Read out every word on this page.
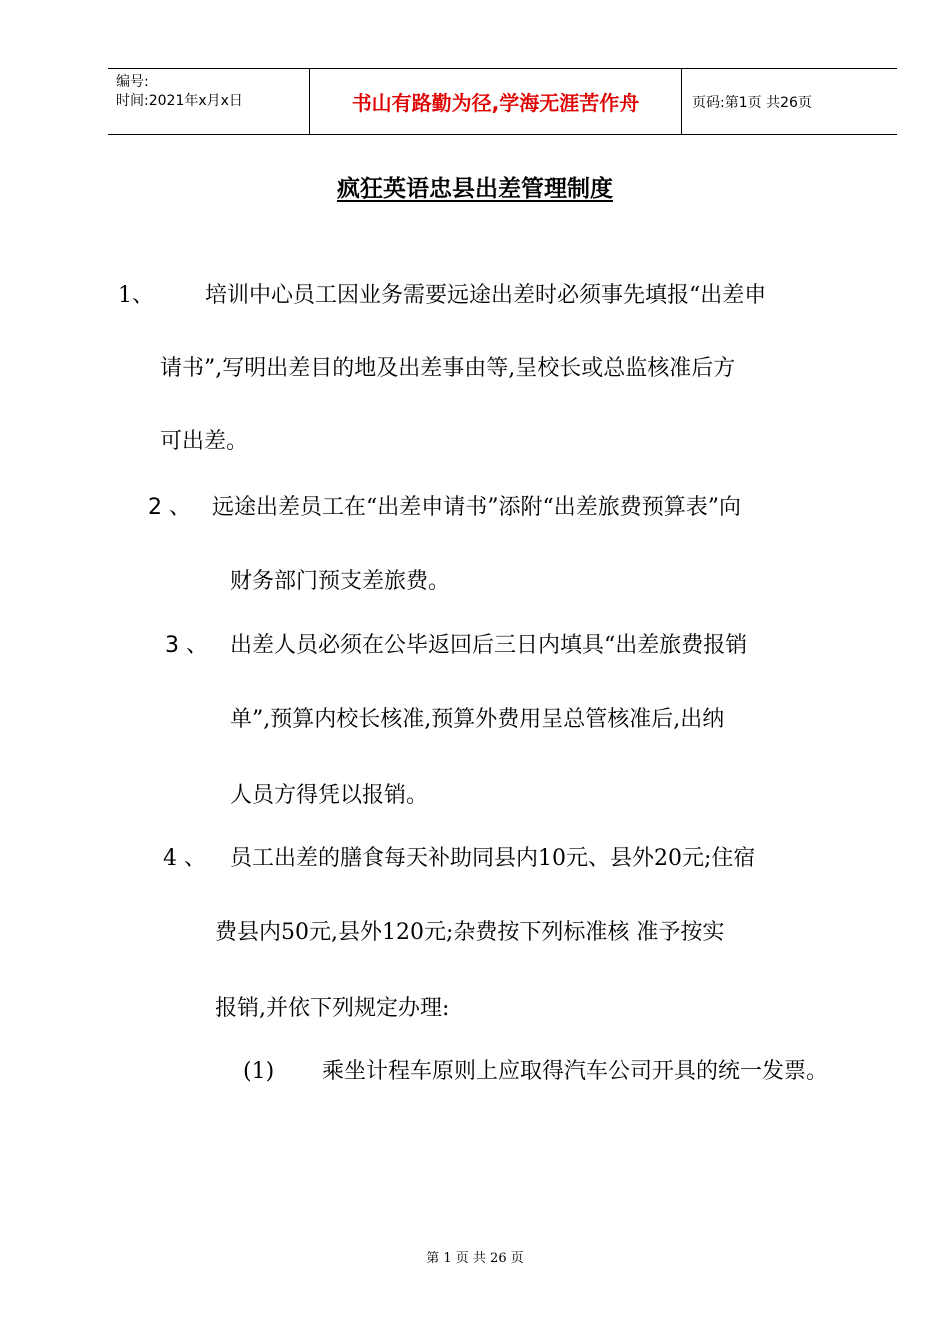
编号:
时间:2021年x月x日	书山有路勤为径,学海无涯苦作舟	页码:第1页 共26页
疯狂英语忠县出差管理制度
1、 培训中心员工因业务需要远途出差时必须事先填报“出差申
请书”,写明出差目的地及出差事由等,呈校长或总监核准后方
可出差。
2 、 远途出差员工在“出差申请书”添附“出差旅费预算表”向
财务部门预支差旅费。
3 、 出差人员必须在公毕返回后三日内填具“出差旅费报销
单”,预算内校长核准,预算外费用呈总管核准后,出纳
人员方得凭以报销。
4 、 员工出差的膳食每天补助同县内10元、县外20元;住宿
费县内50元,县外120元;杂费按下列标准核 准予按实
报销,并依下列规定办理:
(1) 乘坐计程车原则上应取得汽车公司开具的统一发票。
第 1 页 共 26 页
